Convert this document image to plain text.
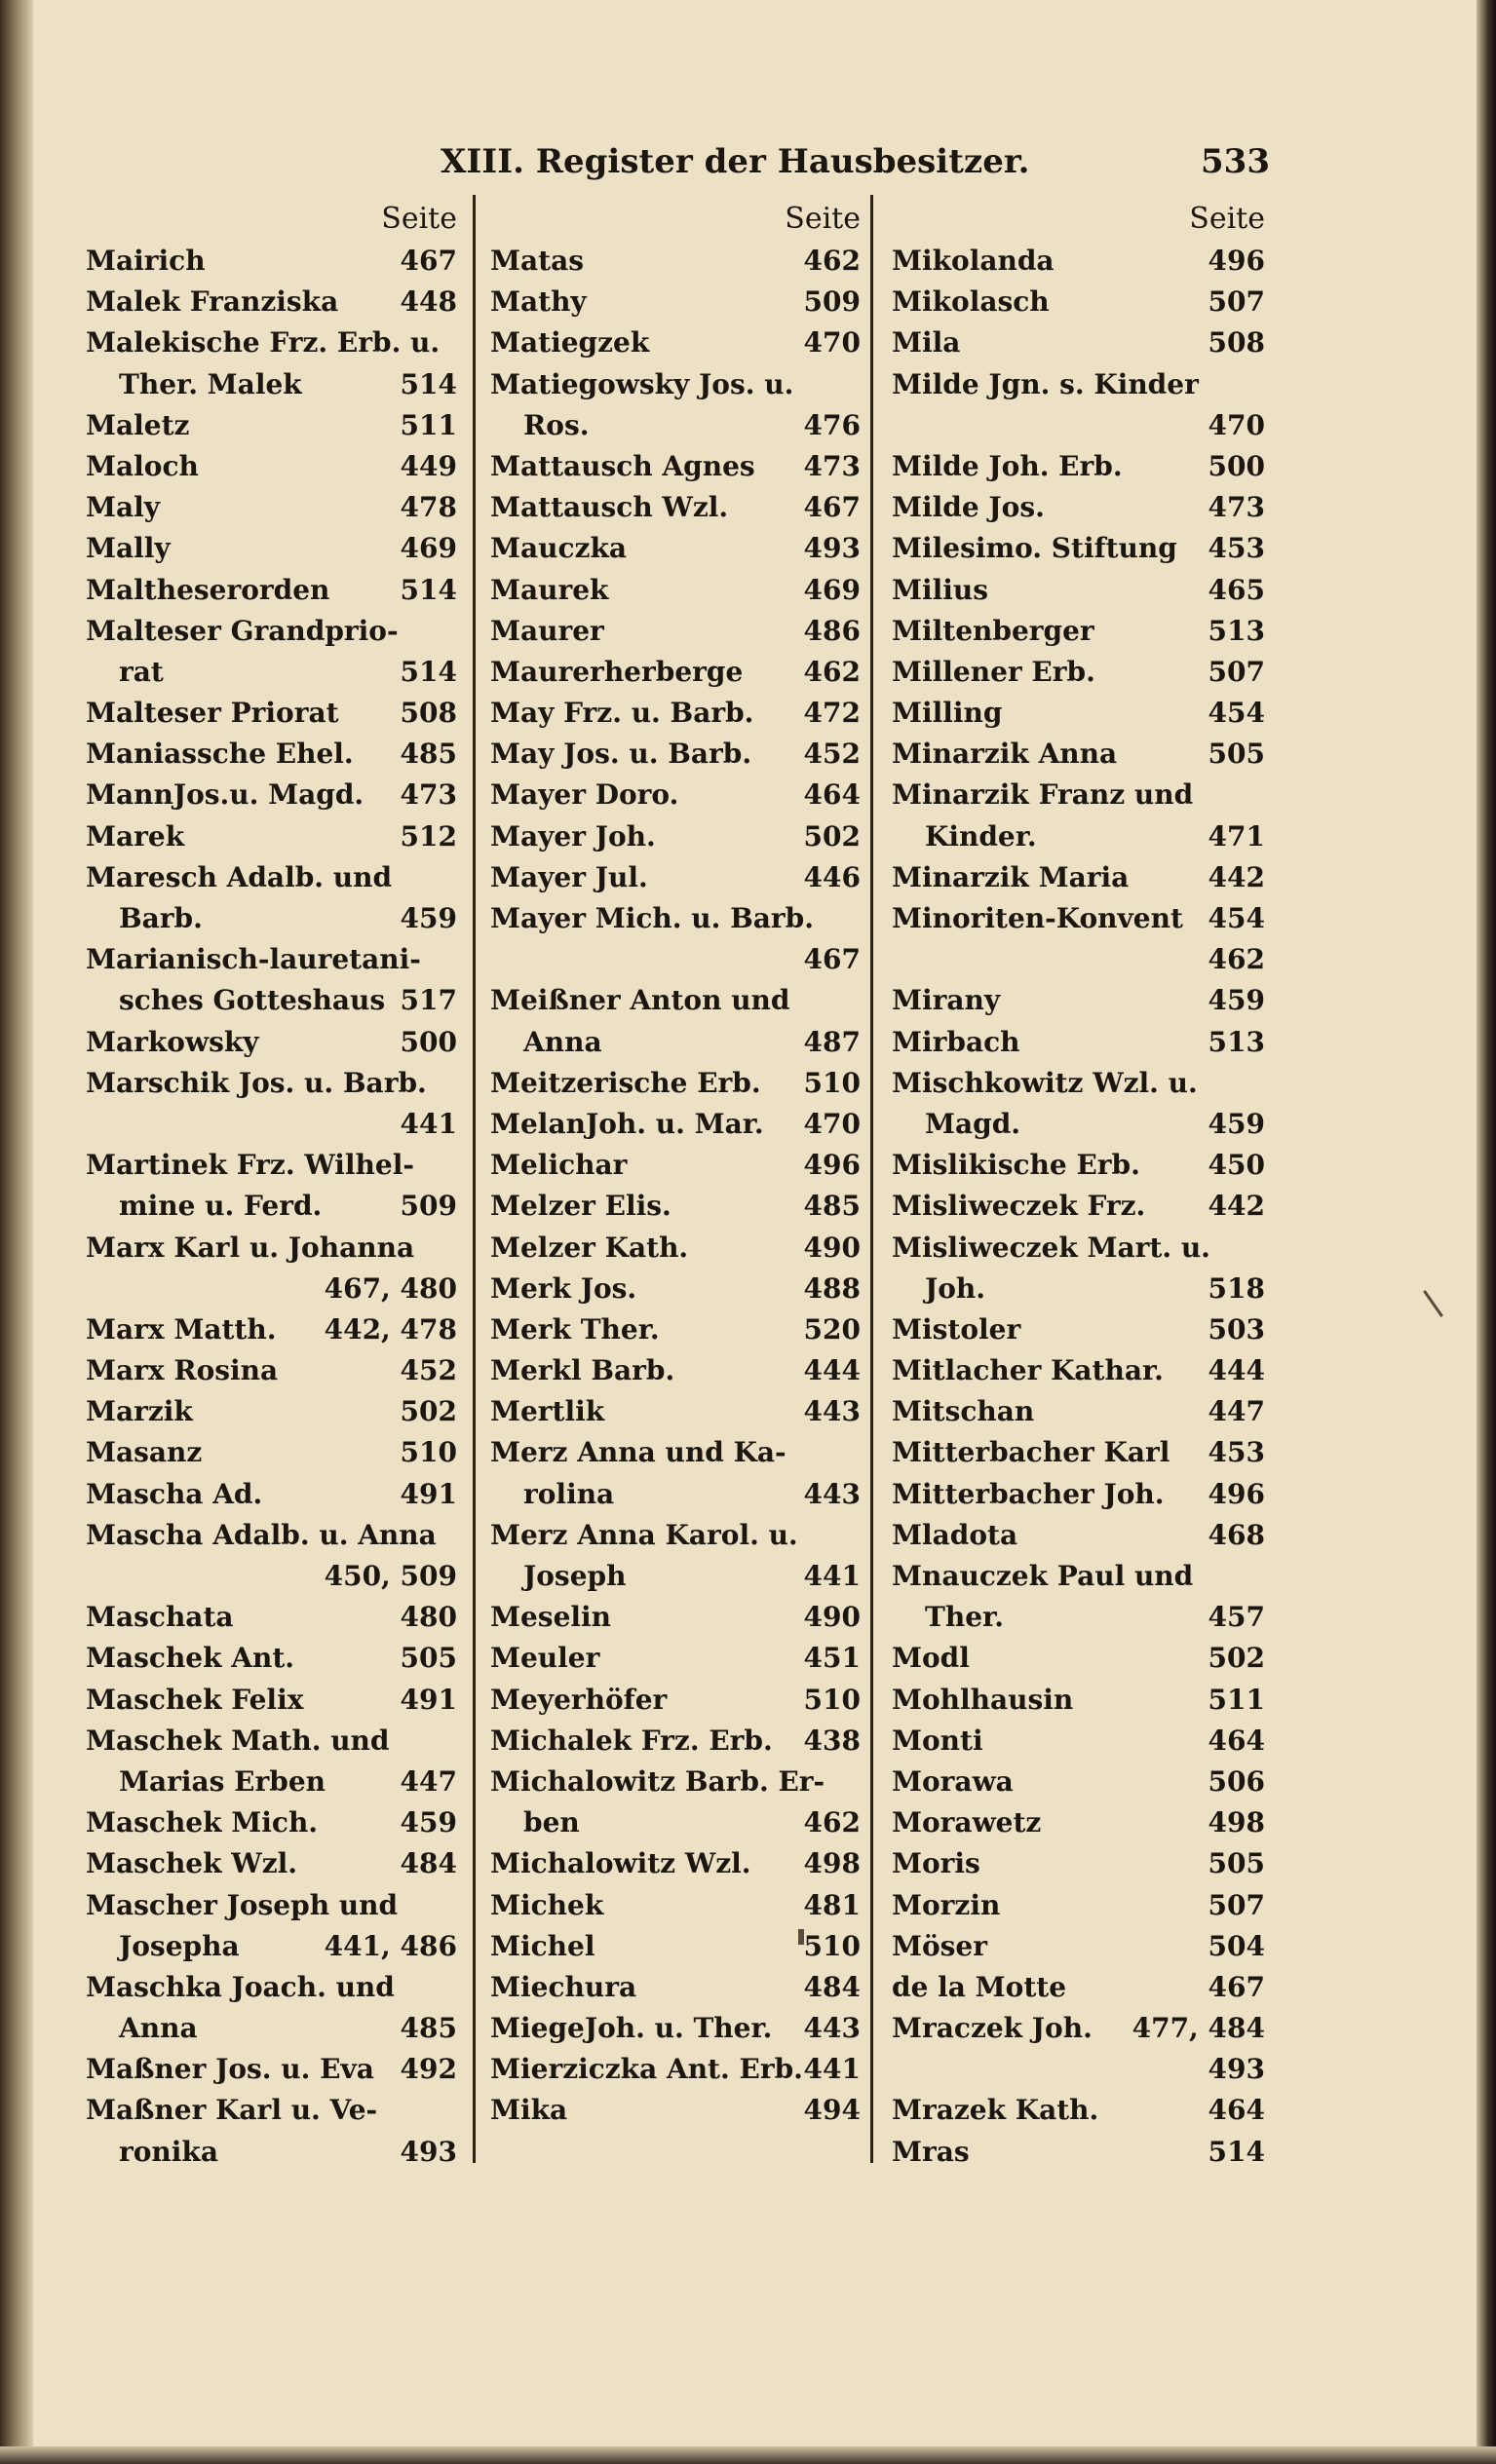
XIII. Register der Hausbesitzer.	533
Seite
Mairich	467
Malek Franziska 448
Malekische Frz. Erb. u.
Ther. Malek	514
Maletz	511
Maloch	449
Maly	478
Mally	469
Maltheserorden	514
Malteser Grandprio-
rat	514
Malteser Priorat 508
Maniassche Ehel. 485
MannJos.u. Magd. 473
Marek	512
Maresch Adalb. und
Barb.	459
Marianisch-lauretani-
sches Gotteshaus 517
Markowsky	500
Marschik Jos. u. Barb.
441
Martinek Frz. Wilhel-
mine u. Ferd.	509
Marx Karl u. Johanna
467, 480
Marx Matth. 442, 478
Marx Rosina	452
Marzik	502
Masanz	510
Mascha Ad.	491
Mascha Adalb. u. Anna
450, 509
Maschata	480
Maschek Ant.	505
Maschek Felix	491
Maschek Math. und
Marias Erben	447
Maschek Mich.	459
Maschek Wzl.	484
Mascher Joseph und
Josepha	441, 486
Maschka Joach. und
Anna	485
Maßner Jos. u. Eva 492
Maßner Karl u. Ve-
ronika	493
Seite
Matas	462
Mathy	509
Matiegzek	470
Matiegowsky Jos. u.
Ros.	476
Mattausch Agnes 473
Mattausch Wzl.	467
Mauczka	493
Maurek	469
Maurer	486
Maurerherberge 462
May Frz. u. Barb. 472
May Jos. u. Barb. 452
Mayer Doro.	464
Mayer Joh.	502
Mayer Jul.	446
Mayer Mich. u. Barb.
467
Meißner Anton und
Anna	487
Meitzerische Erb. 510
MelanJoh. u. Mar. 470
Melichar	496
Melzer Elis.	485
Melzer Kath.	490
Merk Jos.	488
Merk Ther.	520
Merkl Barb.	444
Mertlik	443
Merz Anna und Ka-
rolina	443
Merz Anna Karol. u.
Joseph	441
Meselin	490
Meuler	451
Meyerhöfer	510
Michalek Frz. Erb. 438
Michalowitz Barb. Er-
ben	462
Michalowitz Wzl. 498
Michek	481
Michel	510
Miechura	484
MiegeJoh. u. Ther. 443
Mierziczka Ant. Erb. 441
Mika	494
Seite
Mikolanda	496
Mikolasch	507
Mila	508
Milde Jgn. s. Kinder
470
Milde Joh. Erb.	500
Milde Jos.	473
Milesimo. Stiftung 453
Milius	465
Miltenberger	513
Millener Erb.	507
Milling	454
Minarzik Anna	505
Minarzik Franz und
Kinder.	471
Minarzik Maria	442
Minoriten-Konvent 454
462
Mirany	459
Mirbach	513
Mischkowitz Wzl. u.
Magd.	459
Mislikische Erb. 450
Misliweczek Frz. 442
Misliweczek Mart. u.
Joh.	518
Mistoler	503
Mitlacher Kathar. 444
Mitschan	447
Mitterbacher Karl 453
Mitterbacher Joh. 496
Mladota	468
Mnauczek Paul und
Ther.	457
Modl	502
Mohlhausin	511
Monti	464
Morawa	506
Morawetz	498
Moris	505
Morzin	507
Möser	504
de la Motte	467
Mraczek Joh. 477, 484
493
Mrazek Kath.	464
Mras	514
